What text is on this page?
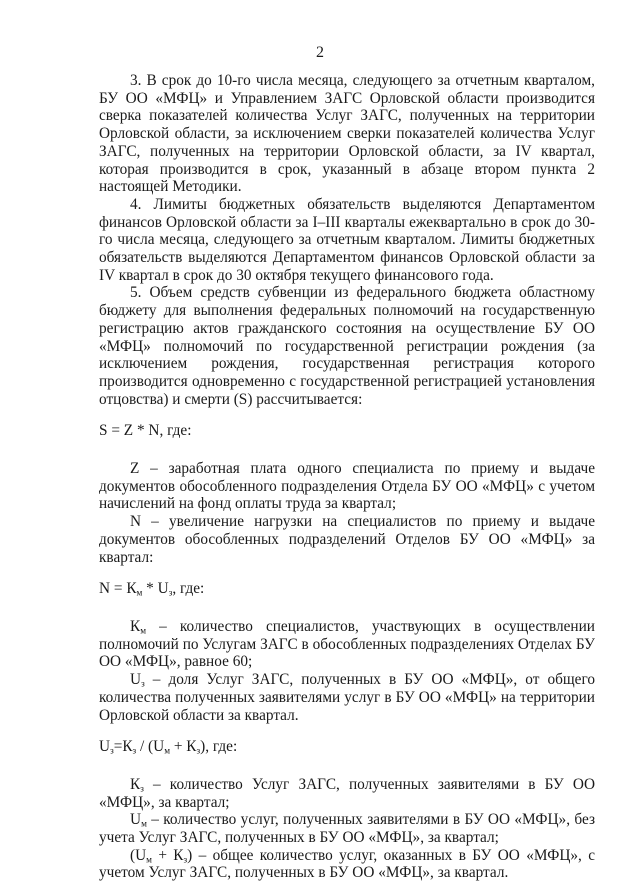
2

3. В срок до 10-го числа месяца, следующего за отчетным кварталом, БУ ОО «МФЦ» и Управлением ЗАГС Орловской области производится сверка показателей количества Услуг ЗАГС, полученных на территории Орловской области, за исключением сверки показателей количества Услуг ЗАГС, полученных на территории Орловской области, за IV квартал, которая производится в срок, указанный в абзаце втором пункта 2 настоящей Методики.

4. Лимиты бюджетных обязательств выделяются Департаментом финансов Орловской области за I–III кварталы ежеквартально в срок до 30-го числа месяца, следующего за отчетным кварталом. Лимиты бюджетных обязательств выделяются Департаментом финансов Орловской области за IV квартал в срок до 30 октября текущего финансового года.

5. Объем средств субвенции из федерального бюджета областному бюджету для выполнения федеральных полномочий на государственную регистрацию актов гражданского состояния на осуществление БУ ОО «МФЦ» полномочий по государственной регистрации рождения (за исключением рождения, государственная регистрация которого производится одновременно с государственной регистрацией установления отцовства) и смерти (S) рассчитывается:

S = Z * N, где:

Z – заработная плата одного специалиста по приему и выдаче документов обособленного подразделения Отдела БУ ОО «МФЦ» с учетом начислений на фонд оплаты труда за квартал;

N – увеличение нагрузки на специалистов по приему и выдаче документов обособленных подразделений Отделов БУ ОО «МФЦ» за квартал:

$N = К_м * U_з$, где:

$К_м$ – количество специалистов, участвующих в осуществлении полномочий по Услугам ЗАГС в обособленных подразделениях Отделах БУ ОО «МФЦ», равное 60;

$U_з$ – доля Услуг ЗАГС, полученных в БУ ОО «МФЦ», от общего количества полученных заявителями услуг в БУ ОО «МФЦ» на территории Орловской области за квартал.

$U_з=К_з / (U_м + К_з)$, где:

$К_з$ – количество Услуг ЗАГС, полученных заявителями в БУ ОО «МФЦ», за квартал;

$U_м$ – количество услуг, полученных заявителями в БУ ОО «МФЦ», без учета Услуг ЗАГС, полученных в БУ ОО «МФЦ», за квартал;

$(U_м + К_з)$ – общее количество услуг, оказанных в БУ ОО «МФЦ», с учетом Услуг ЗАГС, полученных в БУ ОО «МФЦ», за квартал.
